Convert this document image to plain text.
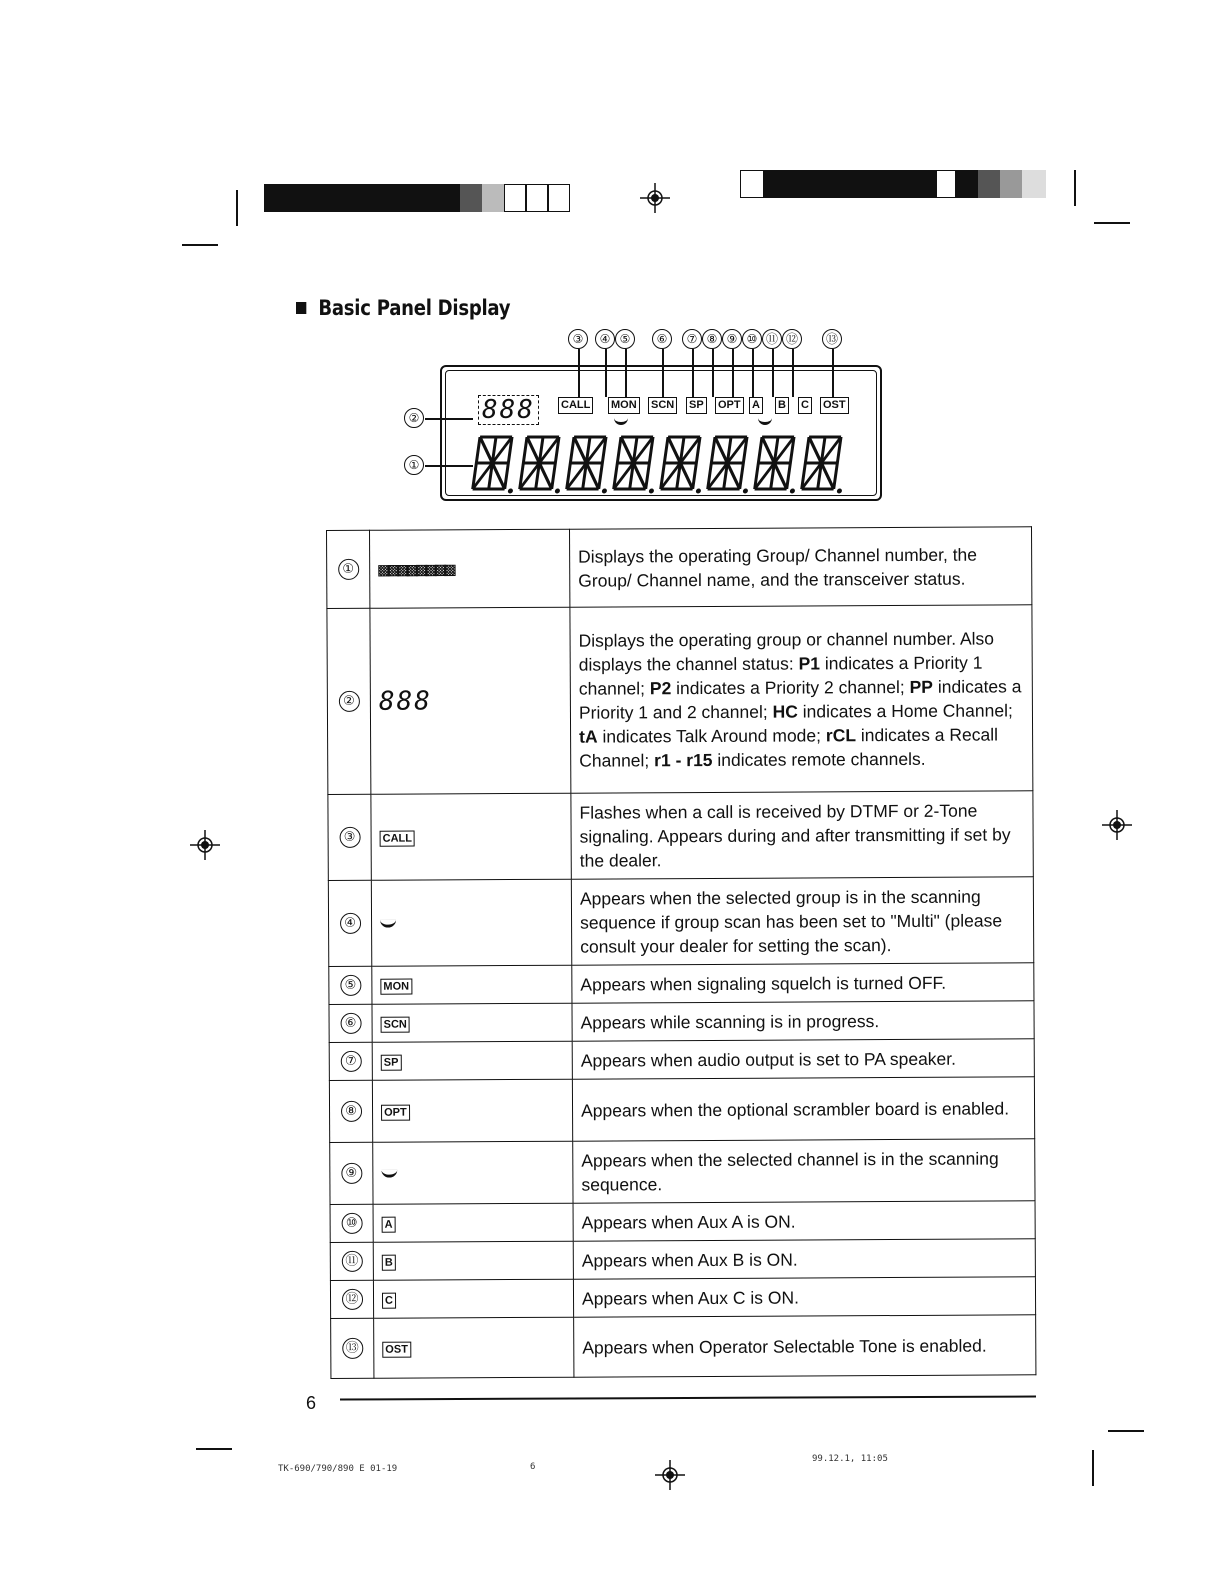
Basic Panel Display
③	④ ⑤	⑥	⑦ ⑧ ⑨ ⑩ ⑪ ⑫	⑬
888	CALL MON SCN SP OPT A B C OST
②
①
①	▩▩▩▩▩▩▩▩	Displays the operating Group/ Channel number, the Group/ Channel name, and the transceiver status.
②	888	Displays the operating group or channel number. Also displays the channel status: P1 indicates a Priority 1 channel; P2 indicates a Priority 2 channel; PP indicates a Priority 1 and 2 channel; HC indicates a Home Channel; tA indicates Talk Around mode; rCL indicates a Recall Channel; r1 - r15 indicates remote channels.
③	CALL	Flashes when a call is received by DTMF or 2-Tone signaling. Appears during and after transmitting if set by the dealer.
④		Appears when the selected group is in the scanning sequence if group scan has been set to "Multi" (please consult your dealer for setting the scan).
⑤	MON	Appears when signaling squelch is turned OFF.
⑥	SCN	Appears while scanning is in progress.
⑦	SP	Appears when audio output is set to PA speaker.
⑧	OPT	Appears when the optional scrambler board is enabled.
⑨		Appears when the selected channel is in the scanning sequence.
⑩	A	Appears when Aux A is ON.
⑪	B	Appears when Aux B is ON.
⑫	C	Appears when Aux C is ON.
⑬	OST	Appears when Operator Selectable Tone is enabled.
6
TK-690/790/890 E 01-19	6
99.12.1, 11:05
